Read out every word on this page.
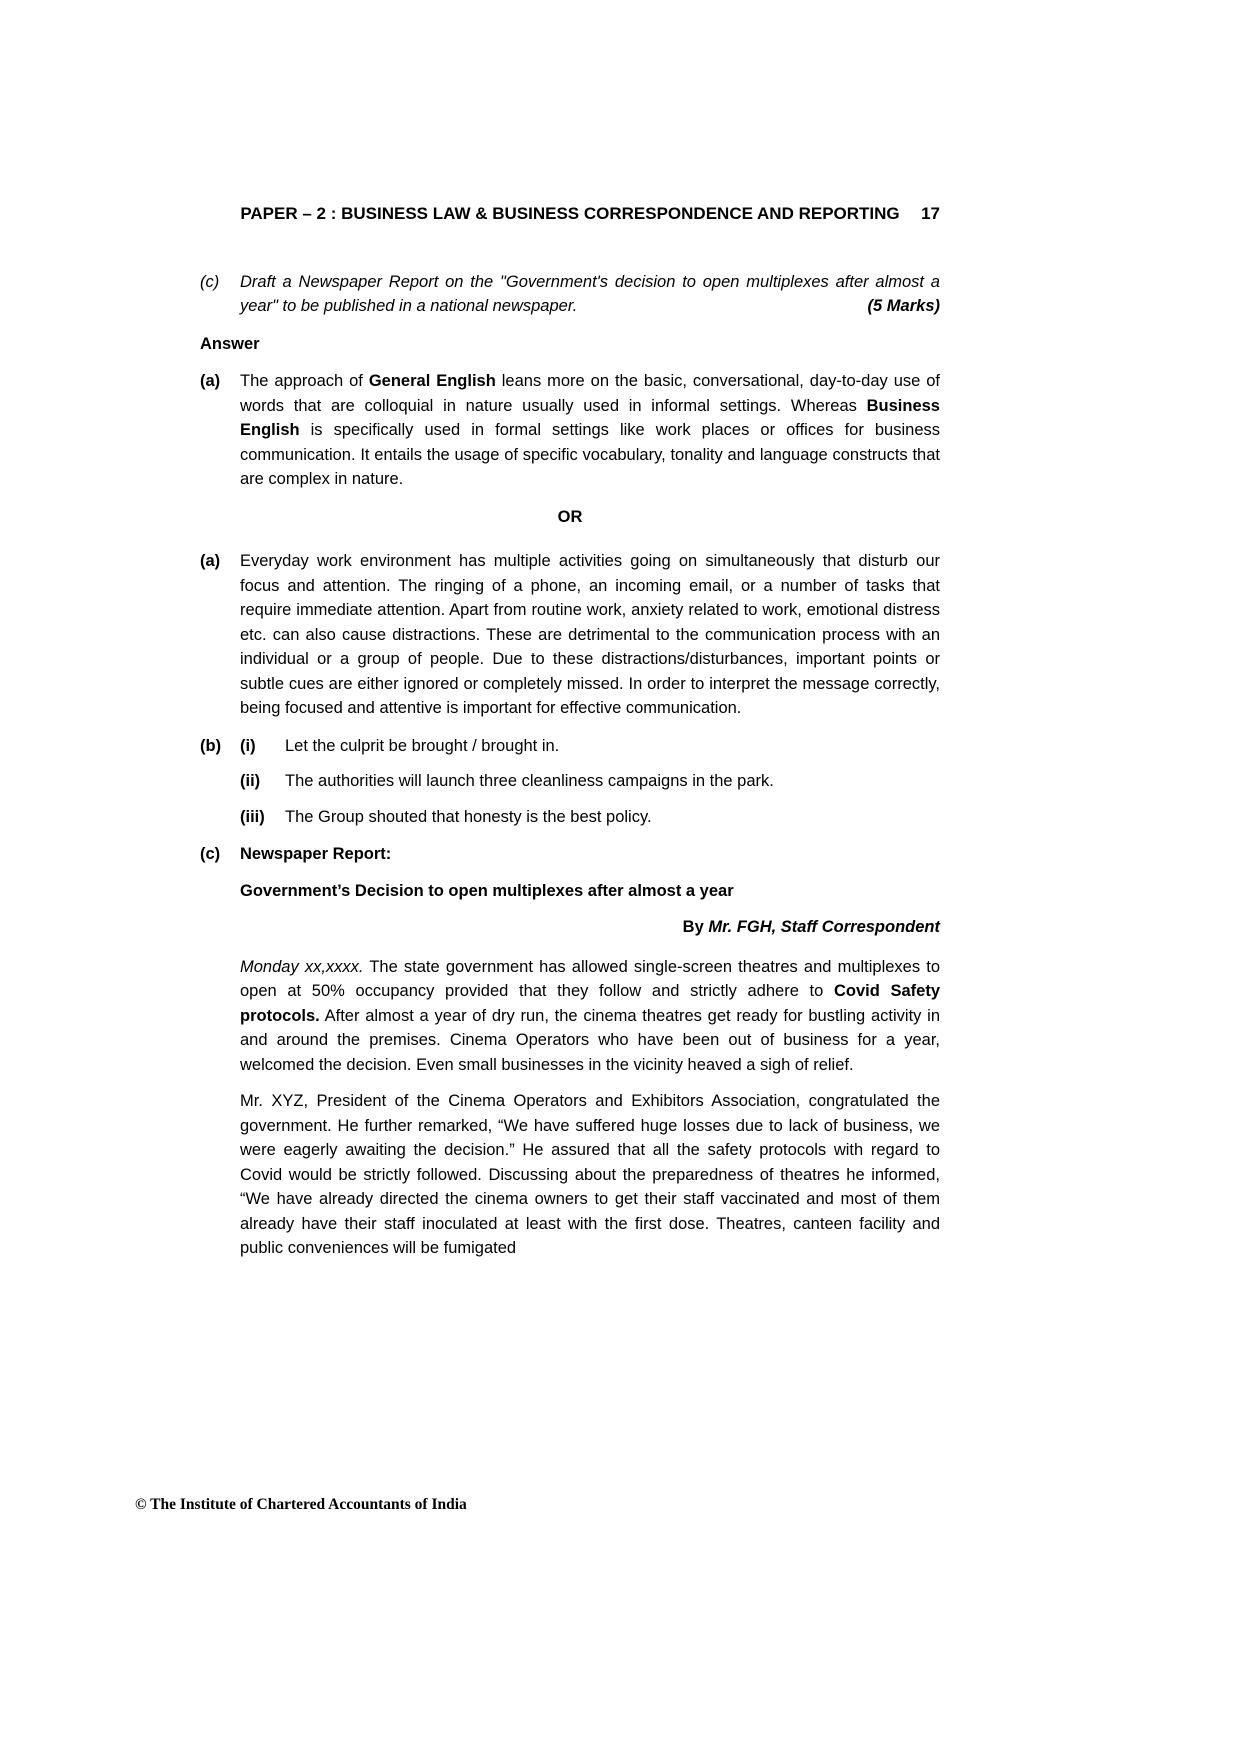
PAPER – 2 : BUSINESS LAW & BUSINESS CORRESPONDENCE AND REPORTING 17
(c) Draft a Newspaper Report on the "Government's decision to open multiplexes after almost a year" to be published in a national newspaper.	(5 Marks)
Answer
(a) The approach of General English leans more on the basic, conversational, day-to-day use of words that are colloquial in nature usually used in informal settings. Whereas Business English is specifically used in formal settings like work places or offices for business communication. It entails the usage of specific vocabulary, tonality and language constructs that are complex in nature.
OR
(a) Everyday work environment has multiple activities going on simultaneously that disturb our focus and attention. The ringing of a phone, an incoming email, or a number of tasks that require immediate attention. Apart from routine work, anxiety related to work, emotional distress etc. can also cause distractions. These are detrimental to the communication process with an individual or a group of people. Due to these distractions/disturbances, important points or subtle cues are either ignored or completely missed. In order to interpret the message correctly, being focused and attentive is important for effective communication.
(b) (i) Let the culprit be brought / brought in.
(ii) The authorities will launch three cleanliness campaigns in the park.
(iii) The Group shouted that honesty is the best policy.
(c) Newspaper Report:
Government’s Decision to open multiplexes after almost a year
By Mr. FGH, Staff Correspondent
Monday xx,xxxx. The state government has allowed single-screen theatres and multiplexes to open at 50% occupancy provided that they follow and strictly adhere to Covid Safety protocols. After almost a year of dry run, the cinema theatres get ready for bustling activity in and around the premises. Cinema Operators who have been out of business for a year, welcomed the decision. Even small businesses in the vicinity heaved a sigh of relief.
Mr. XYZ, President of the Cinema Operators and Exhibitors Association, congratulated the government. He further remarked, “We have suffered huge losses due to lack of business, we were eagerly awaiting the decision.” He assured that all the safety protocols with regard to Covid would be strictly followed. Discussing about the preparedness of theatres he informed, “We have already directed the cinema owners to get their staff vaccinated and most of them already have their staff inoculated at least with the first dose. Theatres, canteen facility and public conveniences will be fumigated
© The Institute of Chartered Accountants of India
